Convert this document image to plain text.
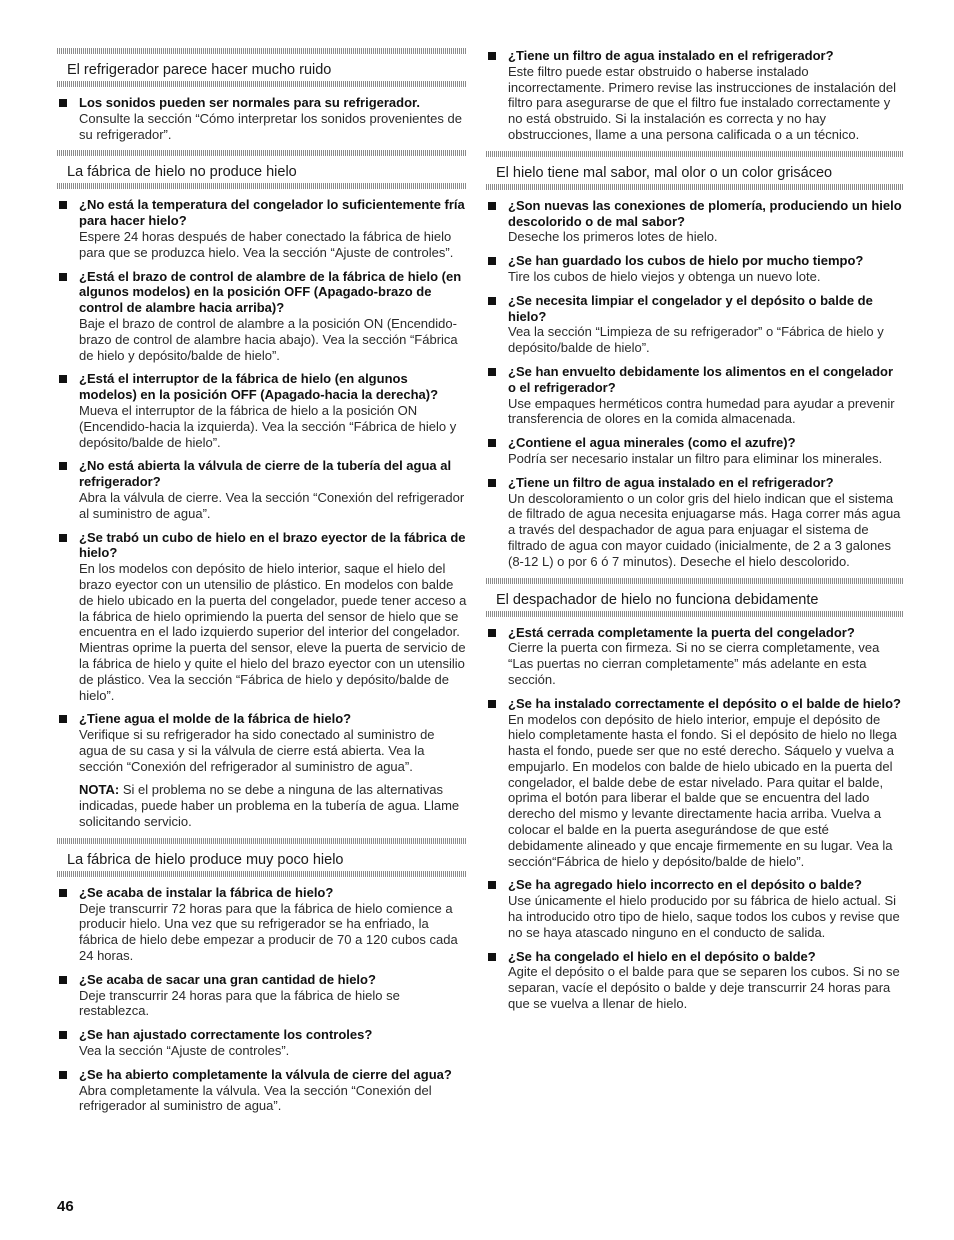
El refrigerador parece hacer mucho ruido
Los sonidos pueden ser normales para su refrigerador.
Consulte la sección “Cómo interpretar los sonidos provenientes de su refrigerador”.
La fábrica de hielo no produce hielo
¿No está la temperatura del congelador lo suficientemente fría para hacer hielo?
Espere 24 horas después de haber conectado la fábrica de hielo para que se produzca hielo. Vea la sección “Ajuste de controles”.
¿Está el brazo de control de alambre de la fábrica de hielo (en algunos modelos) en la posición OFF (Apagado-brazo de control de alambre hacia arriba)?
Baje el brazo de control de alambre a la posición ON (Encendido-brazo de control de alambre hacia abajo). Vea la sección “Fábrica de hielo y depósito/balde de hielo”.
¿Está el interruptor de la fábrica de hielo (en algunos modelos) en la posición OFF (Apagado-hacia la derecha)?
Mueva el interruptor de la fábrica de hielo a la posición ON (Encendido-hacia la izquierda). Vea la sección “Fábrica de hielo y depósito/balde de hielo”.
¿No está abierta la válvula de cierre de la tubería del agua al refrigerador?
Abra la válvula de cierre. Vea la sección “Conexión del refrigerador al suministro de agua”.
¿Se trabó un cubo de hielo en el brazo eyector de la fábrica de hielo?
En los modelos con depósito de hielo interior, saque el hielo del brazo eyector con un utensilio de plástico. En modelos con balde de hielo ubicado en la puerta del congelador, puede tener acceso a la fábrica de hielo oprimiendo la puerta del sensor de hielo que se encuentra en el lado izquierdo superior del interior del congelador. Mientras oprime la puerta del sensor, eleve la puerta de servicio de la fábrica de hielo y quite el hielo del brazo eyector con un utensilio de plástico. Vea la sección “Fábrica de hielo y depósito/balde de hielo”.
¿Tiene agua el molde de la fábrica de hielo?
Verifique si su refrigerador ha sido conectado al suministro de agua de su casa y si la válvula de cierre está abierta. Vea la sección “Conexión del refrigerador al suministro de agua”.
NOTA: Si el problema no se debe a ninguna de las alternativas indicadas, puede haber un problema en la tubería de agua. Llame solicitando servicio.
La fábrica de hielo produce muy poco hielo
¿Se acaba de instalar la fábrica de hielo?
Deje transcurrir 72 horas para que la fábrica de hielo comience a producir hielo. Una vez que su refrigerador se ha enfriado, la fábrica de hielo debe empezar a producir de 70 a 120 cubos cada 24 horas.
¿Se acaba de sacar una gran cantidad de hielo?
Deje transcurrir 24 horas para que la fábrica de hielo se restablezca.
¿Se han ajustado correctamente los controles?
Vea la sección “Ajuste de controles”.
¿Se ha abierto completamente la válvula de cierre del agua?
Abra completamente la válvula. Vea la sección “Conexión del refrigerador al suministro de agua”.
¿Tiene un filtro de agua instalado en el refrigerador?
Este filtro puede estar obstruido o haberse instalado incorrectamente. Primero revise las instrucciones de instalación del filtro para asegurarse de que el filtro fue instalado correctamente y no está obstruido. Si la instalación es correcta y no hay obstrucciones, llame a una persona calificada o a un técnico.
El hielo tiene mal sabor, mal olor o un color grisáceo
¿Son nuevas las conexiones de plomería, produciendo un hielo descolorido o de mal sabor?
Deseche los primeros lotes de hielo.
¿Se han guardado los cubos de hielo por mucho tiempo?
Tire los cubos de hielo viejos y obtenga un nuevo lote.
¿Se necesita limpiar el congelador y el depósito o balde de hielo?
Vea la sección “Limpieza de su refrigerador” o “Fábrica de hielo y depósito/balde de hielo”.
¿Se han envuelto debidamente los alimentos en el congelador o el refrigerador?
Use empaques herméticos contra humedad para ayudar a prevenir transferencia de olores en la comida almacenada.
¿Contiene el agua minerales (como el azufre)?
Podría ser necesario instalar un filtro para eliminar los minerales.
¿Tiene un filtro de agua instalado en el refrigerador?
Un descoloramiento o un color gris del hielo indican que el sistema de filtrado de agua necesita enjuagarse más. Haga correr más agua a través del despachador de agua para enjuagar el sistema de filtrado de agua con mayor cuidado (inicialmente, de 2 a 3 galones (8-12 L) o por 6 ó 7 minutos). Deseche el hielo descolorido.
El despachador de hielo no funciona debidamente
¿Está cerrada completamente la puerta del congelador?
Cierre la puerta con firmeza. Si no se cierra completamente, vea “Las puertas no cierran completamente” más adelante en esta sección.
¿Se ha instalado correctamente el depósito o el balde de hielo?
En modelos con depósito de hielo interior, empuje el depósito de hielo completamente hasta el fondo. Si el depósito de hielo no llega hasta el fondo, puede ser que no esté derecho. Sáquelo y vuelva a empujarlo. En modelos con balde de hielo ubicado en la puerta del congelador, el balde debe de estar nivelado. Para quitar el balde, oprima el botón para liberar el balde que se encuentra del lado derecho del mismo y levante directamente hacia arriba. Vuelva a colocar el balde en la puerta asegurándose de que esté debidamente alineado y que encaje firmemente en su lugar. Vea la sección“Fábrica de hielo y depósito/balde de hielo”.
¿Se ha agregado hielo incorrecto en el depósito o balde?
Use únicamente el hielo producido por su fábrica de hielo actual. Si ha introducido otro tipo de hielo, saque todos los cubos y revise que no se haya atascado ninguno en el conducto de salida.
¿Se ha congelado el hielo en el depósito o balde?
Agite el depósito o el balde para que se separen los cubos. Si no se separan, vacíe el depósito o balde y deje transcurrir 24 horas para que se vuelva a llenar de hielo.
46
